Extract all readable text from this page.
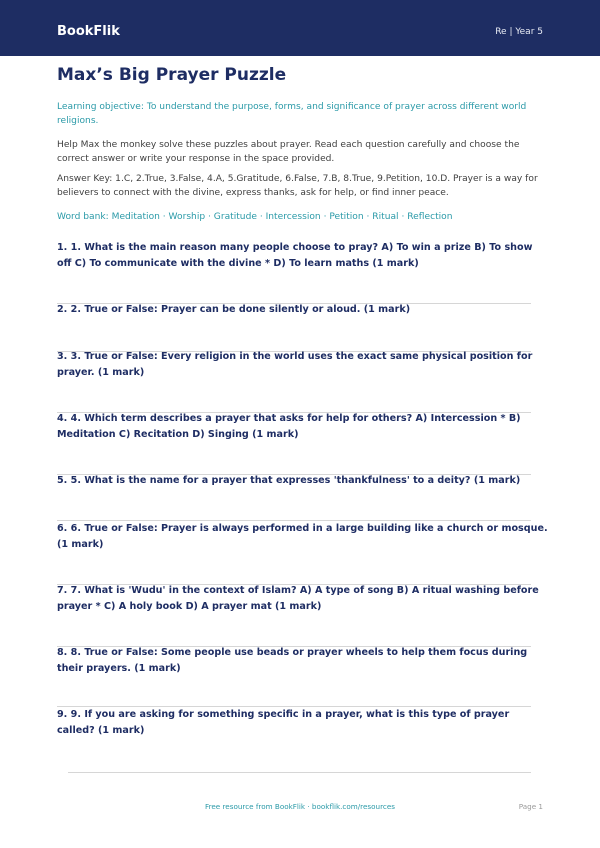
BookFlik	Re | Year 5
Max’s Big Prayer Puzzle
Learning objective: To understand the purpose, forms, and significance of prayer across different world religions.
Help Max the monkey solve these puzzles about prayer. Read each question carefully and choose the correct answer or write your response in the space provided.
Answer Key: 1.C, 2.True, 3.False, 4.A, 5.Gratitude, 6.False, 7.B, 8.True, 9.Petition, 10.D. Prayer is a way for believers to connect with the divine, express thanks, ask for help, or find inner peace.
Word bank: Meditation · Worship · Gratitude · Intercession · Petition · Ritual · Reflection
1. 1. What is the main reason many people choose to pray? A) To win a prize B) To show off C) To communicate with the divine * D) To learn maths (1 mark)
2. 2. True or False: Prayer can be done silently or aloud. (1 mark)
3. 3. True or False: Every religion in the world uses the exact same physical position for prayer. (1 mark)
4. 4. Which term describes a prayer that asks for help for others? A) Intercession * B) Meditation C) Recitation D) Singing (1 mark)
5. 5. What is the name for a prayer that expresses 'thankfulness' to a deity? (1 mark)
6. 6. True or False: Prayer is always performed in a large building like a church or mosque. (1 mark)
7. 7. What is 'Wudu' in the context of Islam? A) A type of song B) A ritual washing before prayer * C) A holy book D) A prayer mat (1 mark)
8. 8. True or False: Some people use beads or prayer wheels to help them focus during their prayers. (1 mark)
9. 9. If you are asking for something specific in a prayer, what is this type of prayer called? (1 mark)
Free resource from BookFlik · bookflik.com/resources	Page 1
